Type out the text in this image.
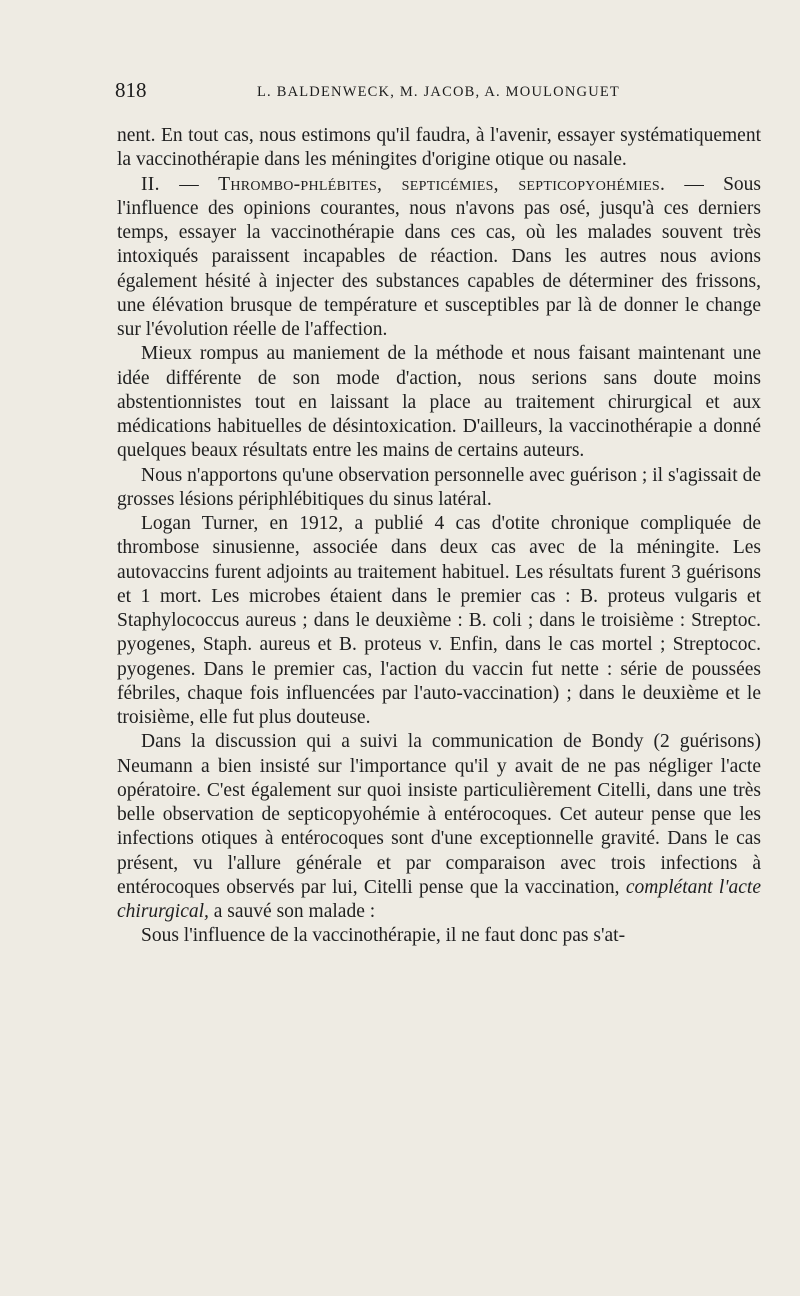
818	L. BALDENWECK, M. JACOB, A. MOULONGUET

nent. En tout cas, nous estimons qu'il faudra, à l'avenir, essayer systématiquement la vaccinothérapie dans les méningites d'origine otique ou nasale.

II. — Thrombo-phlébites, septicémies, septicopyohémies. — Sous l'influence des opinions courantes, nous n'avons pas osé, jusqu'à ces derniers temps, essayer la vaccinothérapie dans ces cas, où les malades souvent très intoxiqués paraissent incapables de réaction. Dans les autres nous avions également hésité à injecter des substances capables de déterminer des frissons, une élévation brusque de température et susceptibles par là de donner le change sur l'évolution réelle de l'affection.

Mieux rompus au maniement de la méthode et nous faisant maintenant une idée différente de son mode d'action, nous serions sans doute moins abstentionnistes tout en laissant la place au traitement chirurgical et aux médications habituelles de désintoxication. D'ailleurs, la vaccinothérapie a donné quelques beaux résultats entre les mains de certains auteurs.

Nous n'apportons qu'une observation personnelle avec guérison ; il s'agissait de grosses lésions périphlébitiques du sinus latéral.

Logan Turner, en 1912, a publié 4 cas d'otite chronique compliquée de thrombose sinusienne, associée dans deux cas avec de la méningite. Les autovaccins furent adjoints au traitement habituel. Les résultats furent 3 guérisons et 1 mort. Les microbes étaient dans le premier cas : B. proteus vulgaris et Staphylococcus aureus ; dans le deuxième : B. coli ; dans le troisième : Streptoc. pyogenes, Staph. aureus et B. proteus v. Enfin, dans le cas mortel ; Streptococ. pyogenes. Dans le premier cas, l'action du vaccin fut nette : série de poussées fébriles, chaque fois influencées par l'auto-vaccination) ; dans le deuxième et le troisième, elle fut plus douteuse.

Dans la discussion qui a suivi la communication de Bondy (2 guérisons) Neumann a bien insisté sur l'importance qu'il y avait de ne pas négliger l'acte opératoire. C'est également sur quoi insiste particulièrement Citelli, dans une très belle observation de septicopyohémie à entérocoques. Cet auteur pense que les infections otiques à entérocoques sont d'une exceptionnelle gravité. Dans le cas présent, vu l'allure générale et par comparaison avec trois infections à entérocoques observés par lui, Citelli pense que la vaccination, complétant l'acte chirurgical, a sauvé son malade :

Sous l'influence de la vaccinothérapie, il ne faut donc pas s'at-
